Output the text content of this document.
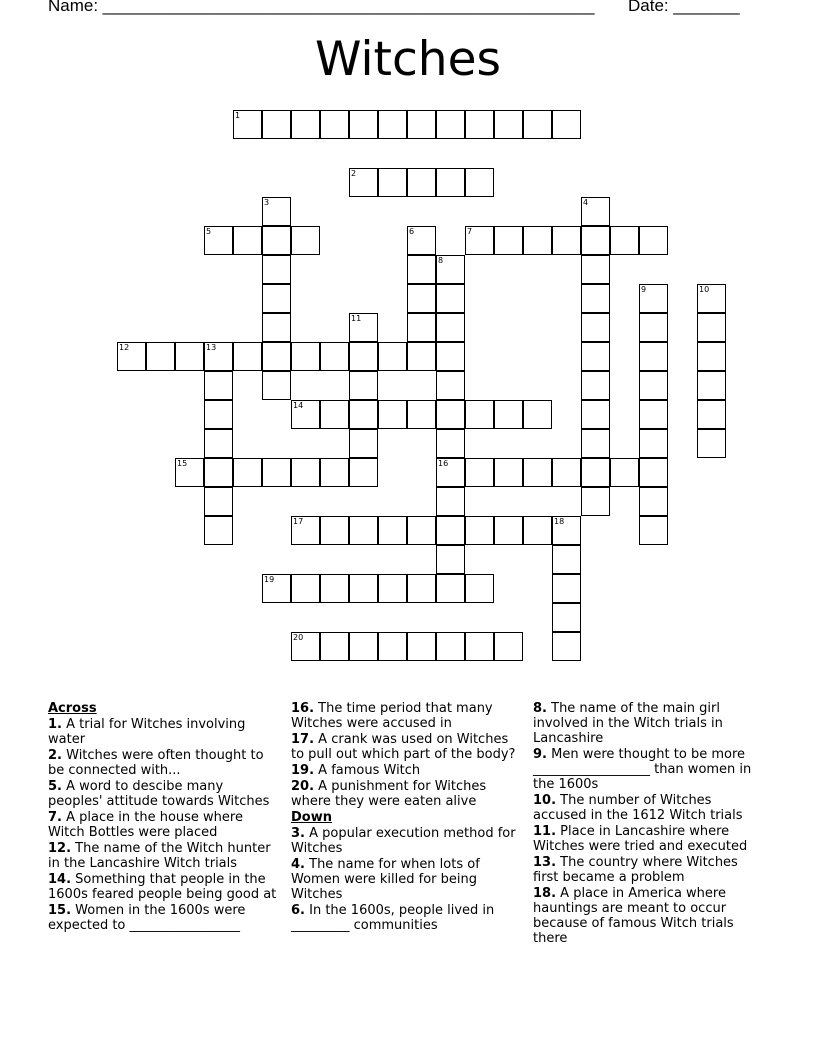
Name: ____________________________________________________ Date: _______
Witches
1
2
3	4
5	6	7
8
16
9	10
11
12	13
14
15
17	18
19
20

Across

1. A trial for Witches involving water

2. Witches were often thought to be connected with...

5. A word to descibe many peoples' attitude towards Witches

7. A place in the house where Witch Bottles were placed

12. The name of the Witch hunter in the Lancashire Witch trials

14. Something that people in the 1600s feared people being good at

15. Women in the 1600s were expected to _________________

16. The time period that many Witches were accused in

17. A crank was used on Witches to pull out which part of the body?

19. A famous Witch

20. A punishment for Witches where they were eaten alive

Down

3. A popular execution method for Witches

4. The name for when lots of Women were killed for being Witches

6. In the 1600s, people lived in _________ communities

8. The name of the main girl involved in the Witch trials in Lancashire

9. Men were thought to be more __________________ than women in the 1600s

10. The number of Witches accused in the 1612 Witch trials

11. Place in Lancashire where Witches were tried and executed

13. The country where Witches first became a problem

18. A place in America where hauntings are meant to occur because of famous Witch trials there
